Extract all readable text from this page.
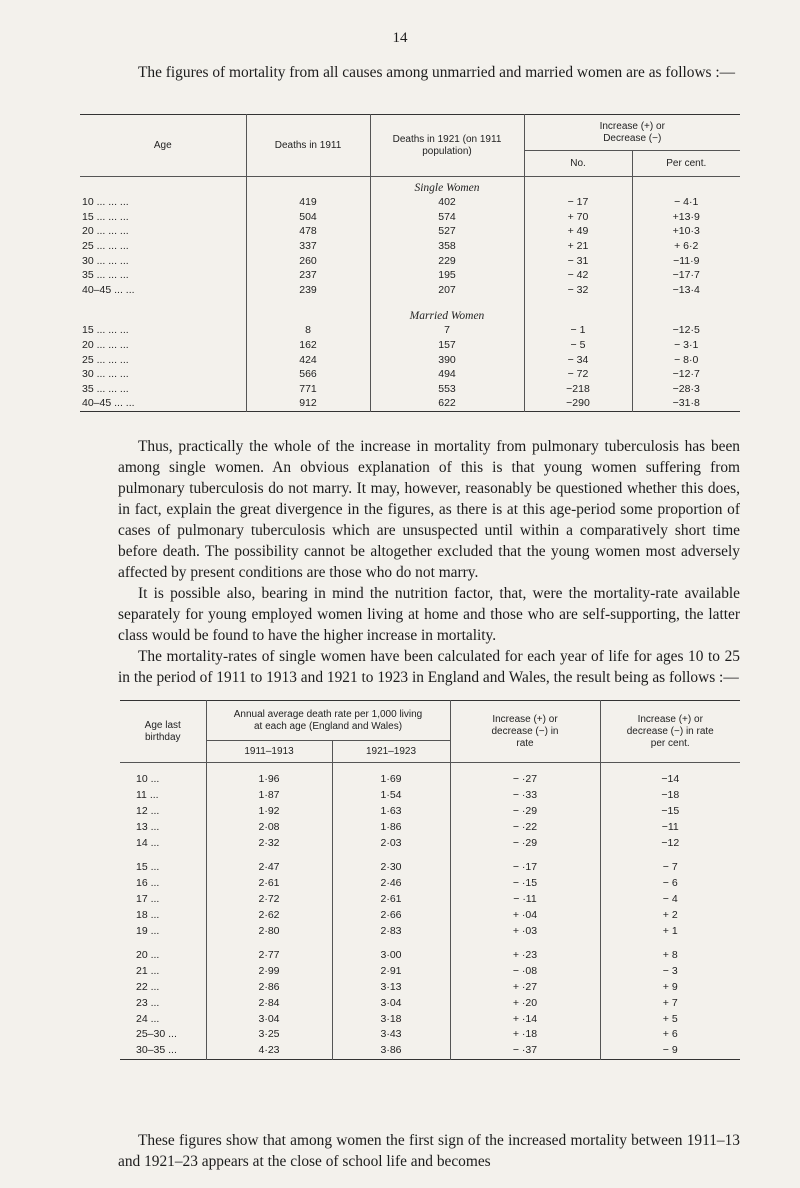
14

The figures of mortality from all causes among unmarried and married women are as follows :—

Age	Deaths in 1911	Deaths in 1921 (on 1911 population)	Increase (+) or Decrease (−)	
			No.	Per cent.
		Single Women		
10 ... ... ...	419	402	− 17	− 4·1
15 ... ... ...	504	574	+ 70	+13·9
20 ... ... ...	478	527	+ 49	+10·3
25 ... ... ...	337	358	+ 21	+ 6·2
30 ... ... ...	260	229	− 31	−11·9
35 ... ... ...	237	195	− 42	−17·7
40–45 ... ...	239	207	− 32	−13·4
		Married Women		
15 ... ... ...	8	7	− 1	−12·5
20 ... ... ...	162	157	− 5	− 3·1
25 ... ... ...	424	390	− 34	− 8·0
30 ... ... ...	566	494	− 72	−12·7
35 ... ... ...	771	553	−218	−28·3
40–45 ... ...	912	622	−290	−31·8

Thus, practically the whole of the increase in mortality from pulmonary tuberculosis has been among single women. An obvious explanation of this is that young women suffering from pulmonary tuberculosis do not marry. It may, however, reasonably be questioned whether this does, in fact, explain the great divergence in the figures, as there is at this age-period some proportion of cases of pulmonary tuberculosis which are unsuspected until within a comparatively short time before death. The possibility cannot be altogether excluded that the young women most adversely affected by present conditions are those who do not marry.

It is possible also, bearing in mind the nutrition factor, that, were the mortality-rate available separately for young employed women living at home and those who are self-supporting, the latter class would be found to have the higher increase in mortality.

The mortality-rates of single women have been calculated for each year of life for ages 10 to 25 in the period of 1911 to 1913 and 1921 to 1923 in England and Wales, the result being as follows :—

Age last birthday	Annual average death rate per 1,000 living at each age (England and Wales)		Increase (+) or decrease (−) in rate	Increase (+) or decrease (−) in rate per cent.
	1911–1913	1921–1923		

10 ...	1·96	1·69	− ·27	−14
11 ...	1·87	1·54	− ·33	−18
12 ...	1·92	1·63	− ·29	−15
13 ...	2·08	1·86	− ·22	−11
14 ...	2·32	2·03	− ·29	−12

15 ...	2·47	2·30	− ·17	− 7
16 ...	2·61	2·46	− ·15	− 6
17 ...	2·72	2·61	− ·11	− 4
18 ...	2·62	2·66	+ ·04	+ 2
19 ...	2·80	2·83	+ ·03	+ 1

20 ...	2·77	3·00	+ ·23	+ 8
21 ...	2·99	2·91	− ·08	− 3
22 ...	2·86	3·13	+ ·27	+ 9
23 ...	2·84	3·04	+ ·20	+ 7
24 ...	3·04	3·18	+ ·14	+ 5
25–30 ...	3·25	3·43	+ ·18	+ 6
30–35 ...	4·23	3·86	− ·37	− 9

These figures show that among women the first sign of the increased mortality between 1911–13 and 1921–23 appears at the close of school life and becomes
